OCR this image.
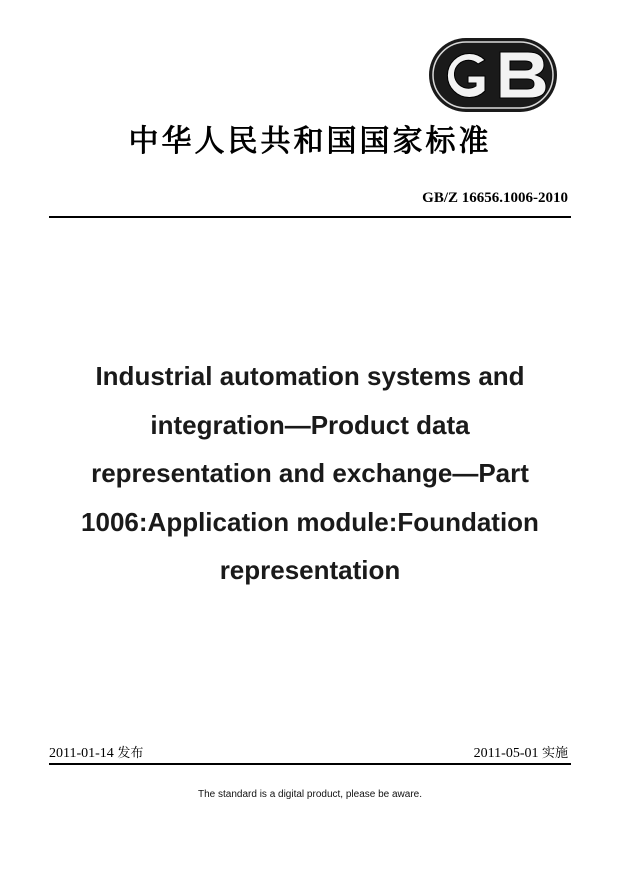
中华人民共和国国家标准
GB/Z 16656.1006-2010
Industrial automation systems and
integration—Product data
representation and exchange—Part
1006:Application module:Foundation
representation
2011-01-14 发布	2011-05-01 实施
The standard is a digital product, please be aware.
